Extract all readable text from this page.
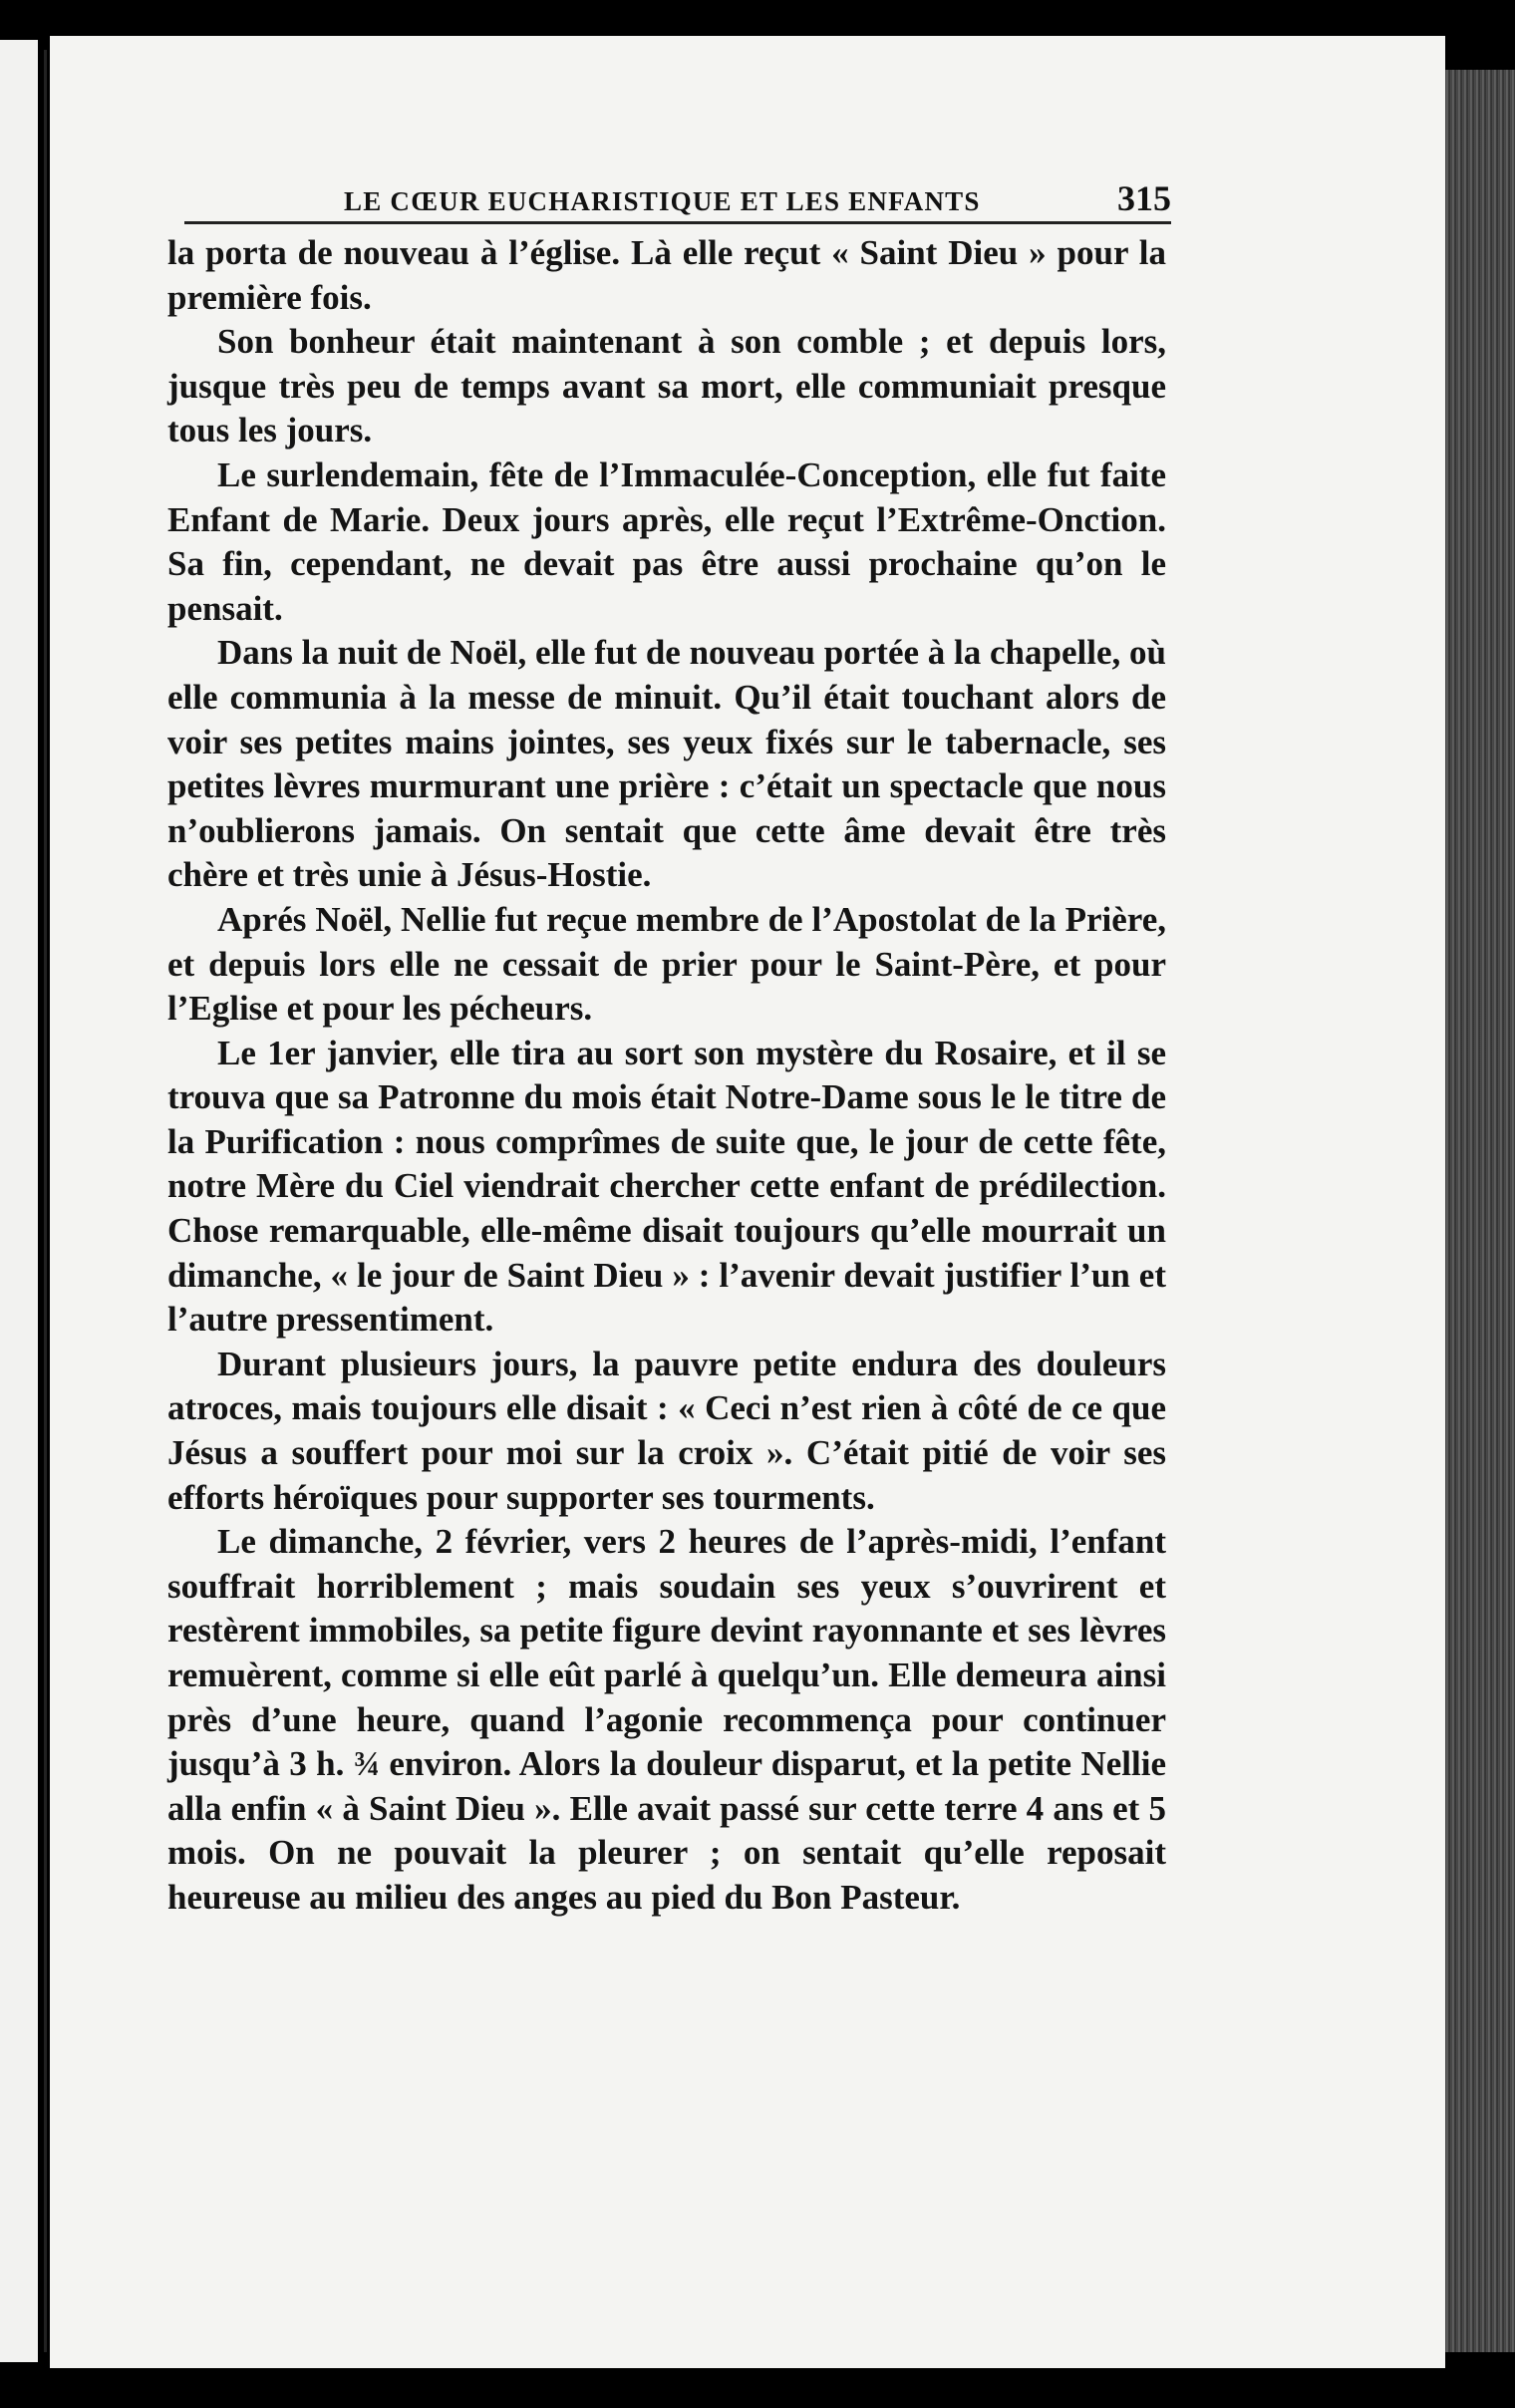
LE CŒUR EUCHARISTIQUE ET LES ENFANTS	315

la porta de nouveau à l’église. Là elle reçut « Saint Dieu » pour la première fois.

Son bonheur était maintenant à son comble ; et depuis lors, jusque très peu de temps avant sa mort, elle communiait presque tous les jours.

Le surlendemain, fête de l’Immaculée-Conception, elle fut faite Enfant de Marie. Deux jours après, elle reçut l’Extrême-Onction. Sa fin, cependant, ne devait pas être aussi prochaine qu’on le pensait.

Dans la nuit de Noël, elle fut de nouveau portée à la chapelle, où elle communia à la messe de minuit. Qu’il était touchant alors de voir ses petites mains jointes, ses yeux fixés sur le tabernacle, ses petites lèvres murmurant une prière : c’était un spectacle que nous n’oublierons jamais. On sentait que cette âme devait être très chère et très unie à Jésus-Hostie.

Aprés Noël, Nellie fut reçue membre de l’Apostolat de la Prière, et depuis lors elle ne cessait de prier pour le Saint-Père, et pour l’Eglise et pour les pécheurs.

Le 1er janvier, elle tira au sort son mystère du Rosaire, et il se trouva que sa Patronne du mois était Notre-Dame sous le le titre de la Purification : nous comprîmes de suite que, le jour de cette fête, notre Mère du Ciel viendrait chercher cette enfant de prédilection. Chose remarquable, elle-même disait toujours qu’elle mourrait un dimanche, « le jour de Saint Dieu » : l’avenir devait justifier l’un et l’autre pressentiment.

Durant plusieurs jours, la pauvre petite endura des douleurs atroces, mais toujours elle disait : « Ceci n’est rien à côté de ce que Jésus a souffert pour moi sur la croix ». C’était pitié de voir ses efforts héroïques pour supporter ses tourments.

Le dimanche, 2 février, vers 2 heures de l’après-midi, l’enfant souffrait horriblement ; mais soudain ses yeux s’ouvrirent et restèrent immobiles, sa petite figure devint rayonnante et ses lèvres remuèrent, comme si elle eût parlé à quelqu’un. Elle demeura ainsi près d’une heure, quand l’agonie recommença pour continuer jusqu’à 3 h. ¾ environ. Alors la douleur disparut, et la petite Nellie alla enfin « à Saint Dieu ». Elle avait passé sur cette terre 4 ans et 5 mois. On ne pouvait la pleurer ; on sentait qu’elle reposait heureuse au milieu des anges au pied du Bon Pasteur.
